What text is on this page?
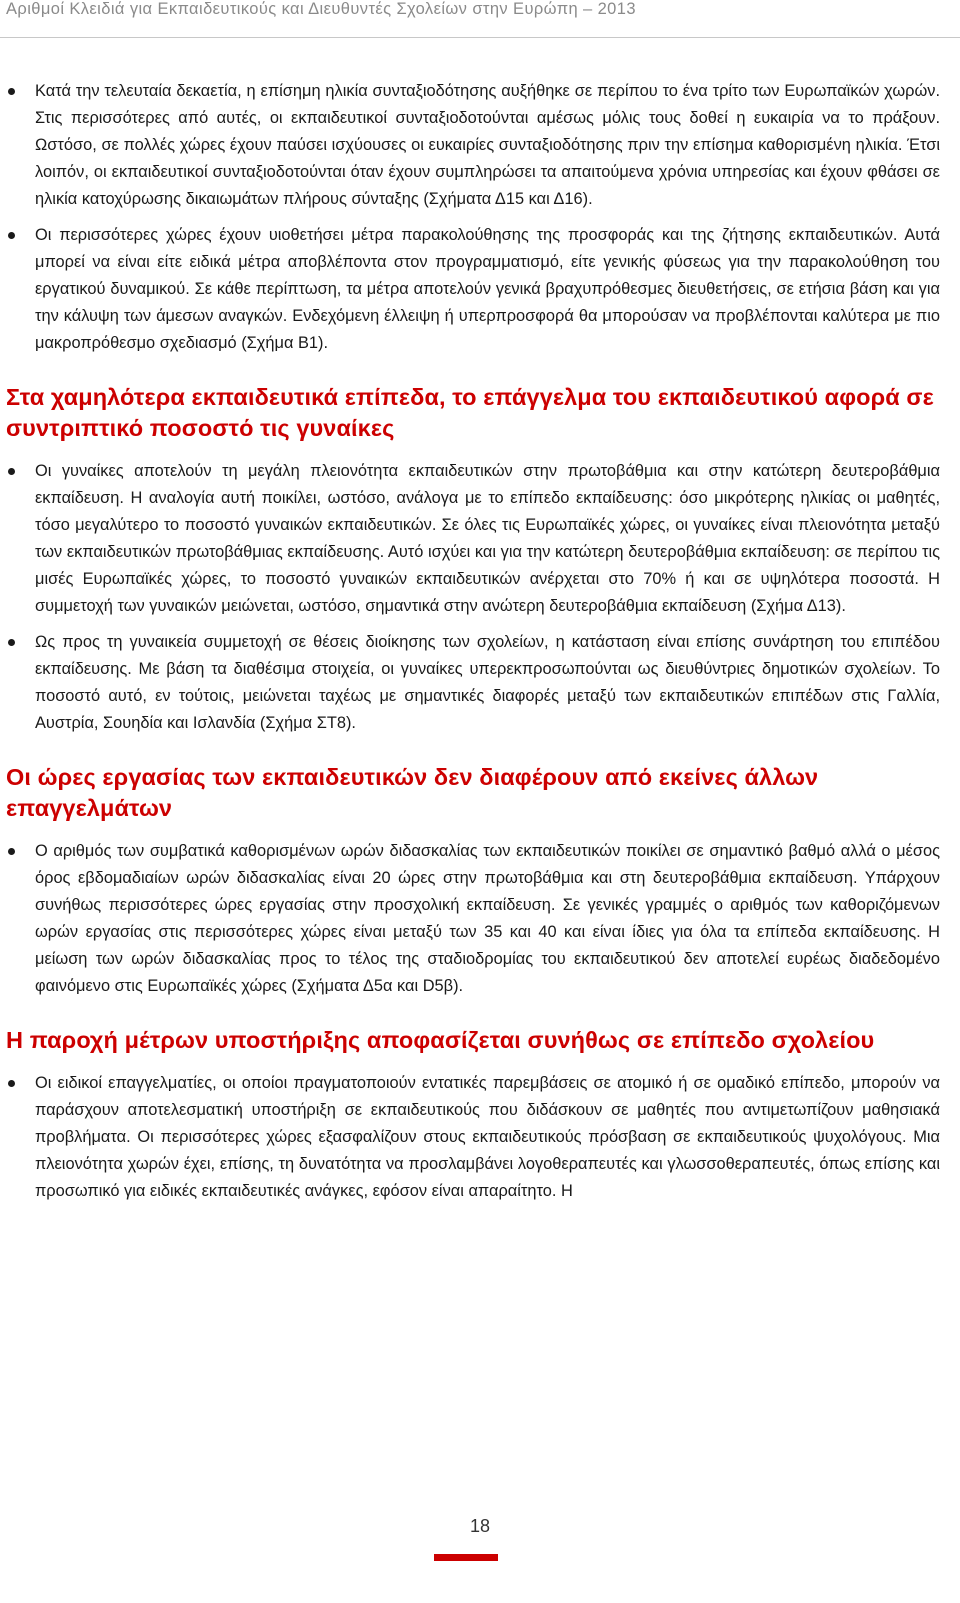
Αριθμοί Κλειδιά για Εκπαιδευτικούς και Διευθυντές Σχολείων στην Ευρώπη – 2013

Κατά την τελευταία δεκαετία, η επίσημη ηλικία συνταξιοδότησης αυξήθηκε σε περίπου το ένα τρίτο των Ευρωπαϊκών χωρών. Στις περισσότερες από αυτές, οι εκπαιδευτικοί συνταξιοδοτούνται αμέσως μόλις τους δοθεί η ευκαιρία να το πράξουν. Ωστόσο, σε πολλές χώρες έχουν παύσει ισχύουσες οι ευκαιρίες συνταξιοδότησης πριν την επίσημα καθορισμένη ηλικία. Έτσι λοιπόν, οι εκπαιδευτικοί συνταξιοδοτούνται όταν έχουν συμπληρώσει τα απαιτούμενα χρόνια υπηρεσίας και έχουν φθάσει σε ηλικία κατοχύρωσης δικαιωμάτων πλήρους σύνταξης (Σχήματα Δ15 και Δ16).

Οι περισσότερες χώρες έχουν υιοθετήσει μέτρα παρακολούθησης της προσφοράς και της ζήτησης εκπαιδευτικών. Αυτά μπορεί να είναι είτε ειδικά μέτρα αποβλέποντα στον προγραμματισμό, είτε γενικής φύσεως για την παρακολούθηση του εργατικού δυναμικού. Σε κάθε περίπτωση, τα μέτρα αποτελούν γενικά βραχυπρόθεσμες διευθετήσεις, σε ετήσια βάση και για την κάλυψη των άμεσων αναγκών. Ενδεχόμενη έλλειψη ή υπερπροσφορά θα μπορούσαν να προβλέπονται καλύτερα με πιο μακροπρόθεσμο σχεδιασμό (Σχήμα Β1).

Στα χαμηλότερα εκπαιδευτικά επίπεδα, το επάγγελμα του εκπαιδευτικού αφορά σε συντριπτικό ποσοστό τις γυναίκες

Οι γυναίκες αποτελούν τη μεγάλη πλειονότητα εκπαιδευτικών στην πρωτοβάθμια και στην κατώτερη δευτεροβάθμια εκπαίδευση. Η αναλογία αυτή ποικίλει, ωστόσο, ανάλογα με το επίπεδο εκπαίδευσης: όσο μικρότερης ηλικίας οι μαθητές, τόσο μεγαλύτερο το ποσοστό γυναικών εκπαιδευτικών. Σε όλες τις Ευρωπαϊκές χώρες, οι γυναίκες είναι πλειονότητα μεταξύ των εκπαιδευτικών πρωτοβάθμιας εκπαίδευσης. Αυτό ισχύει και για την κατώτερη δευτεροβάθμια εκπαίδευση: σε περίπου τις μισές Ευρωπαϊκές χώρες, το ποσοστό γυναικών εκπαιδευτικών ανέρχεται στο 70% ή και σε υψηλότερα ποσοστά. Η συμμετοχή των γυναικών μειώνεται, ωστόσο, σημαντικά στην ανώτερη δευτεροβάθμια εκπαίδευση (Σχήμα Δ13).

Ως προς τη γυναικεία συμμετοχή σε θέσεις διοίκησης των σχολείων, η κατάσταση είναι επίσης συνάρτηση του επιπέδου εκπαίδευσης. Με βάση τα διαθέσιμα στοιχεία, οι γυναίκες υπερεκπροσωπούνται ως διευθύντριες δημοτικών σχολείων. Το ποσοστό αυτό, εν τούτοις, μειώνεται ταχέως με σημαντικές διαφορές μεταξύ των εκπαιδευτικών επιπέδων στις Γαλλία, Αυστρία, Σουηδία και Ισλανδία (Σχήμα ΣΤ8).

Οι ώρες εργασίας των εκπαιδευτικών δεν διαφέρουν από εκείνες άλλων επαγγελμάτων

Ο αριθμός των συμβατικά καθορισμένων ωρών διδασκαλίας των εκπαιδευτικών ποικίλει σε σημαντικό βαθμό αλλά ο μέσος όρος εβδομαδιαίων ωρών διδασκαλίας είναι 20 ώρες στην πρωτοβάθμια και στη δευτεροβάθμια εκπαίδευση. Υπάρχουν συνήθως περισσότερες ώρες εργασίας στην προσχολική εκπαίδευση. Σε γενικές γραμμές ο αριθμός των καθοριζόμενων ωρών εργασίας στις περισσότερες χώρες είναι μεταξύ των 35 και 40 και είναι ίδιες για όλα τα επίπεδα εκπαίδευσης. Η μείωση των ωρών διδασκαλίας προς το τέλος της σταδιοδρομίας του εκπαιδευτικού δεν αποτελεί ευρέως διαδεδομένο φαινόμενο στις Ευρωπαϊκές χώρες (Σχήματα Δ5α και D5β).

Η παροχή μέτρων υποστήριξης αποφασίζεται συνήθως σε επίπεδο σχολείου

Οι ειδικοί επαγγελματίες, οι οποίοι πραγματοποιούν εντατικές παρεμβάσεις σε ατομικό ή σε ομαδικό επίπεδο, μπορούν να παράσχουν αποτελεσματική υποστήριξη σε εκπαιδευτικούς που διδάσκουν σε μαθητές που αντιμετωπίζουν μαθησιακά προβλήματα. Οι περισσότερες χώρες εξασφαλίζουν στους εκπαιδευτικούς πρόσβαση σε εκπαιδευτικούς ψυχολόγους. Μια πλειονότητα χωρών έχει, επίσης, τη δυνατότητα να προσλαμβάνει λογοθεραπευτές και γλωσσοθεραπευτές, όπως επίσης και προσωπικό για ειδικές εκπαιδευτικές ανάγκες, εφόσον είναι απαραίτητο. Η

18
